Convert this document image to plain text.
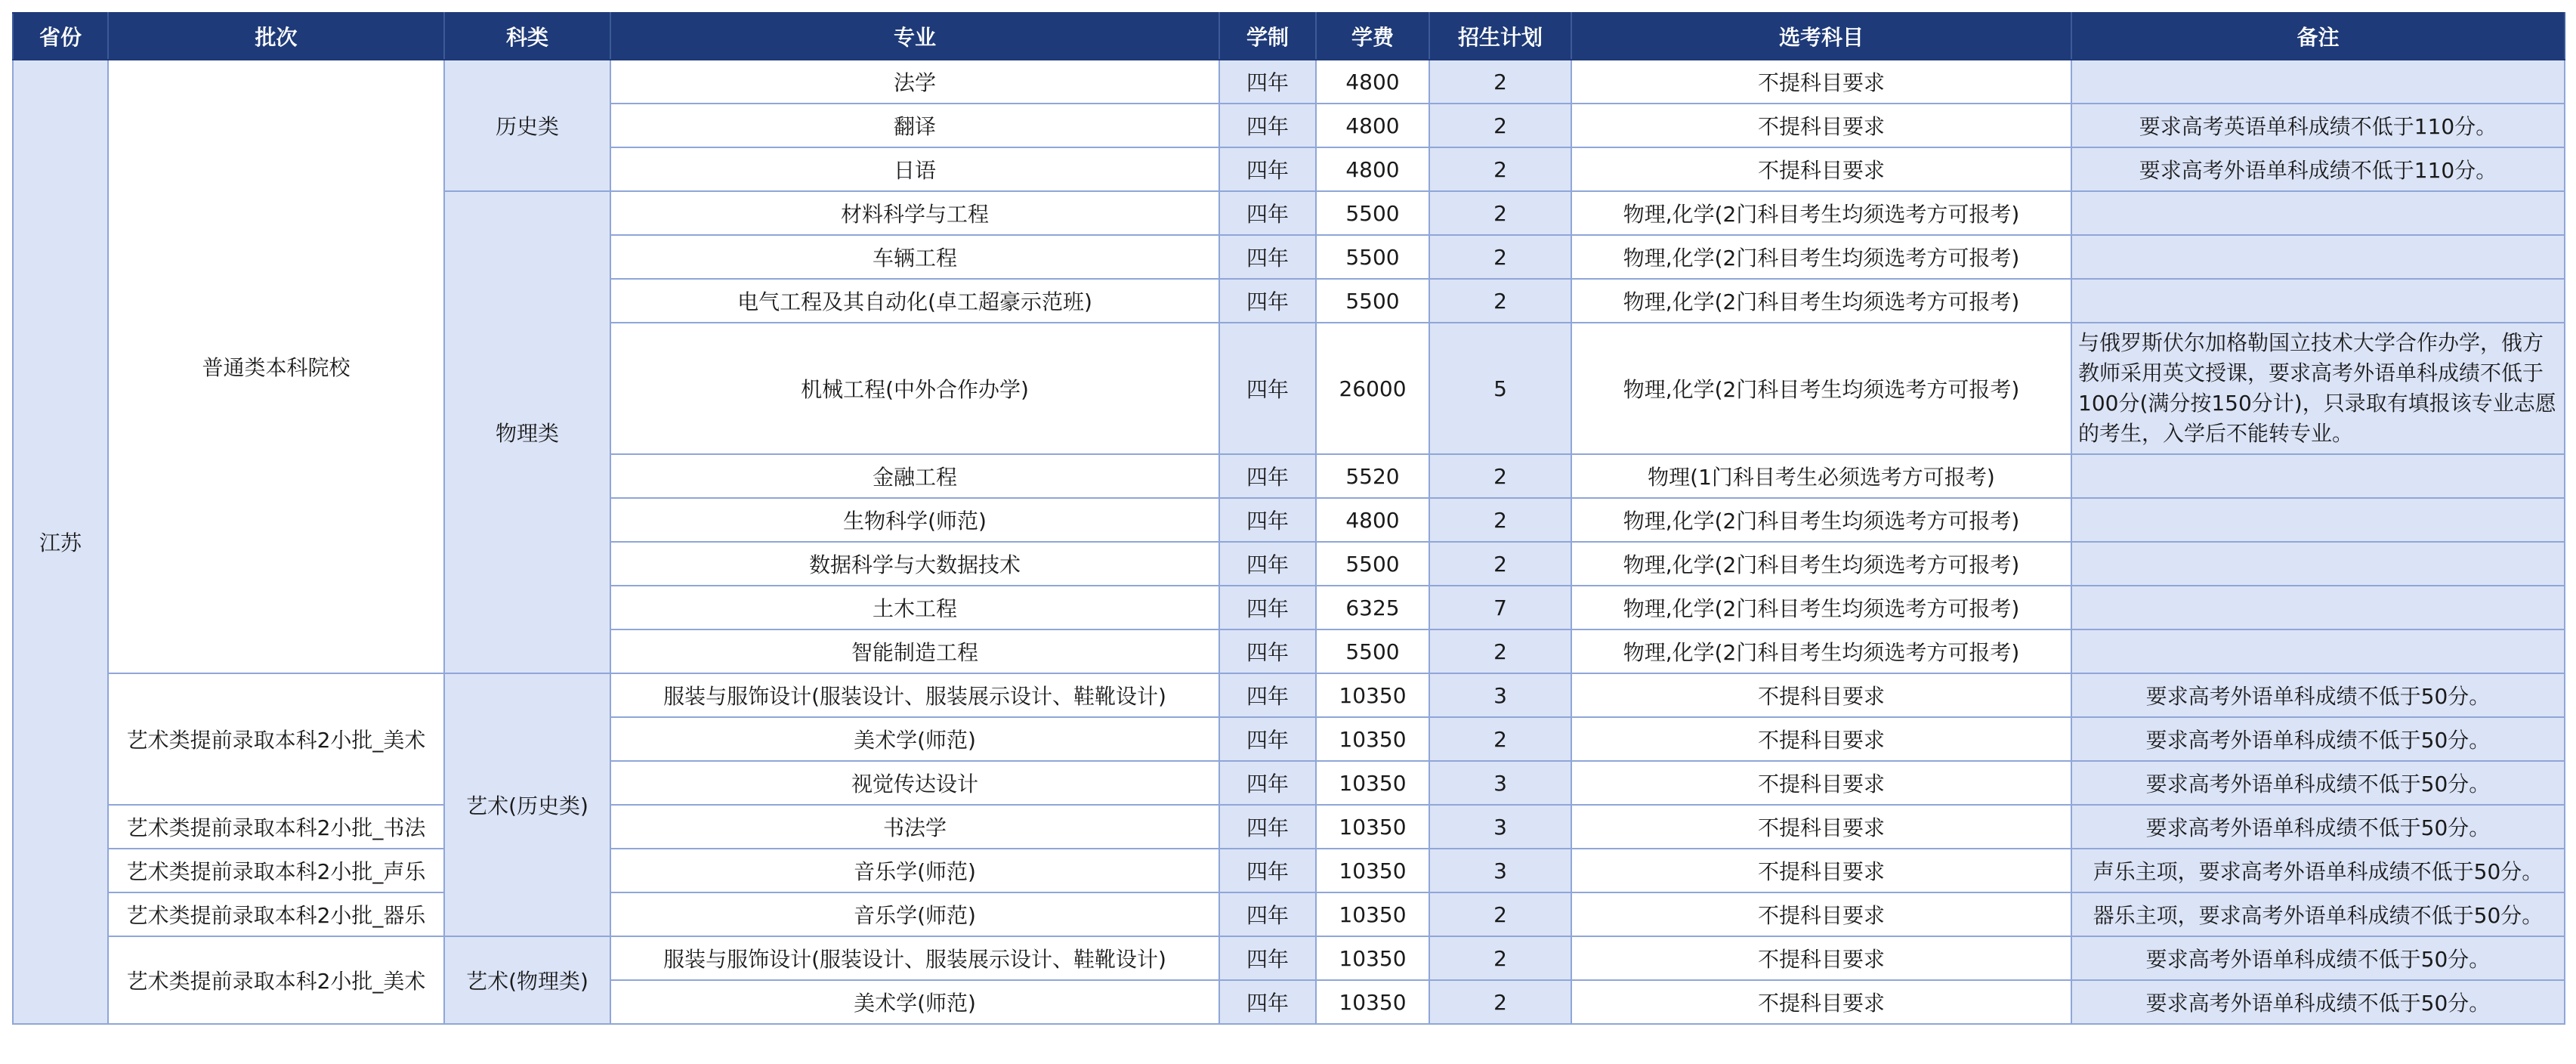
省份	批次	科类	专业	学制	学费	招生计划	选考科目	备注
江苏	普通类本科院校	历史类	法学	四年	4800	2	不提科目要求	
			翻译	四年	4800	2	不提科目要求	要求高考英语单科成绩不低于110分。
			日语	四年	4800	2	不提科目要求	要求高考外语单科成绩不低于110分。
		物理类	材料科学与工程	四年	5500	2	物理,化学(2门科目考生均须选考方可报考)	
			车辆工程	四年	5500	2	物理,化学(2门科目考生均须选考方可报考)	
			电气工程及其自动化(卓工超豪示范班)	四年	5500	2	物理,化学(2门科目考生均须选考方可报考)	
			机械工程(中外合作办学)	四年	26000	5	物理,化学(2门科目考生均须选考方可报考)	与俄罗斯伏尔加格勒国立技术大学合作办学，俄方教师采用英文授课，要求高考外语单科成绩不低于100分(满分按150分计)，只录取有填报该专业志愿的考生，入学后不能转专业。
			金融工程	四年	5520	2	物理(1门科目考生必须选考方可报考)	
			生物科学(师范)	四年	4800	2	物理,化学(2门科目考生均须选考方可报考)	
			数据科学与大数据技术	四年	5500	2	物理,化学(2门科目考生均须选考方可报考)	
			土木工程	四年	6325	7	物理,化学(2门科目考生均须选考方可报考)	
			智能制造工程	四年	5500	2	物理,化学(2门科目考生均须选考方可报考)	
	艺术类提前录取本科2小批_美术	艺术(历史类)	服装与服饰设计(服装设计、服装展示设计、鞋靴设计)	四年	10350	3	不提科目要求	要求高考外语单科成绩不低于50分。
			美术学(师范)	四年	10350	2	不提科目要求	要求高考外语单科成绩不低于50分。
			视觉传达设计	四年	10350	3	不提科目要求	要求高考外语单科成绩不低于50分。
	艺术类提前录取本科2小批_书法		书法学	四年	10350	3	不提科目要求	要求高考外语单科成绩不低于50分。
	艺术类提前录取本科2小批_声乐		音乐学(师范)	四年	10350	3	不提科目要求	声乐主项，要求高考外语单科成绩不低于50分。
	艺术类提前录取本科2小批_器乐		音乐学(师范)	四年	10350	2	不提科目要求	器乐主项，要求高考外语单科成绩不低于50分。
	艺术类提前录取本科2小批_美术	艺术(物理类)	服装与服饰设计(服装设计、服装展示设计、鞋靴设计)	四年	10350	2	不提科目要求	要求高考外语单科成绩不低于50分。
			美术学(师范)	四年	10350	2	不提科目要求	要求高考外语单科成绩不低于50分。
